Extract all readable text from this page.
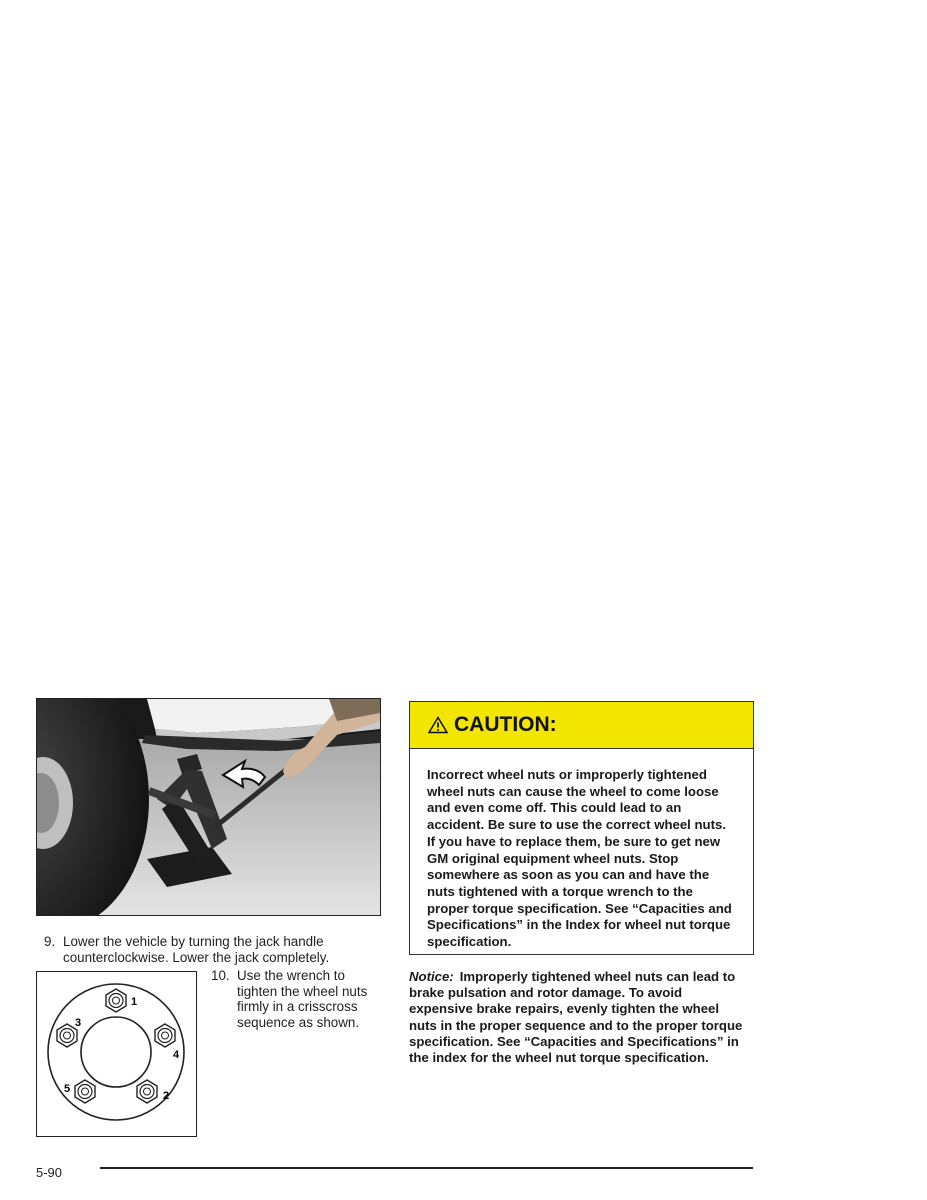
9. Lower the vehicle by turning the jack handle counterclockwise. Lower the jack completely.
1
2
3
4
5
10. Use the wrench to tighten the wheel nuts firmly in a crisscross sequence as shown.
CAUTION:
Incorrect wheel nuts or improperly tightened wheel nuts can cause the wheel to come loose and even come off. This could lead to an accident. Be sure to use the correct wheel nuts. If you have to replace them, be sure to get new GM original equipment wheel nuts. Stop somewhere as soon as you can and have the nuts tightened with a torque wrench to the proper torque specification. See “Capacities and Specifications” in the Index for wheel nut torque specification.
Notice: Improperly tightened wheel nuts can lead to brake pulsation and rotor damage. To avoid expensive brake repairs, evenly tighten the wheel nuts in the proper sequence and to the proper torque specification. See “Capacities and Specifications” in the index for the wheel nut torque specification.
5-90
